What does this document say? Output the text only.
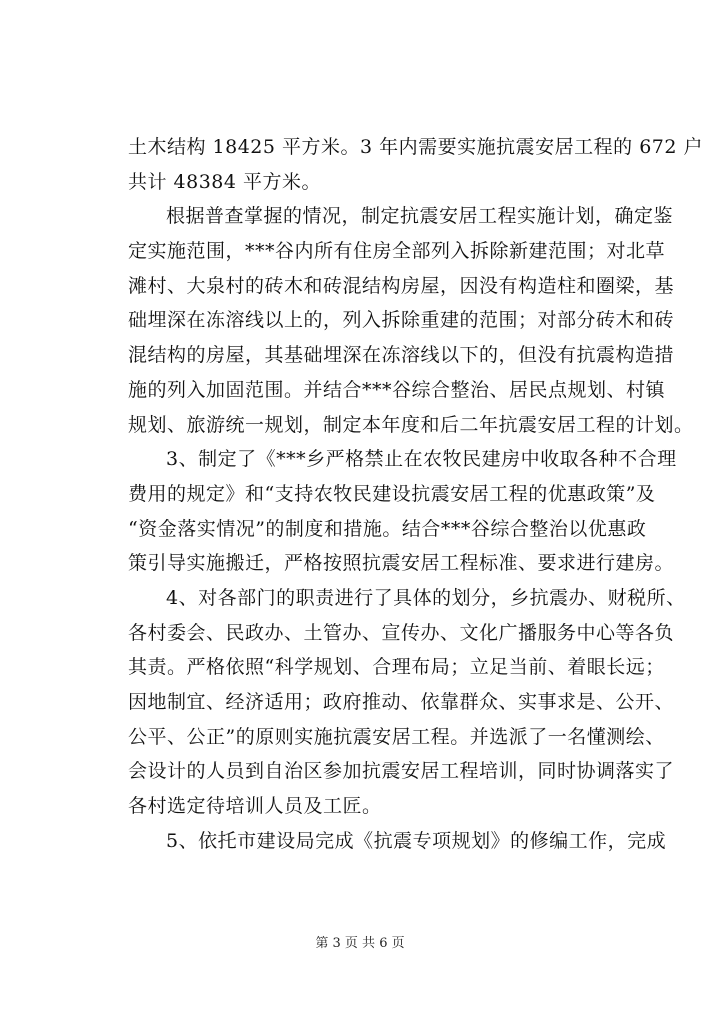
土木结构 18425 平方米。3 年内需要实施抗震安居工程的 672 户
共计 48384 平方米。
根据普查掌握的情况，制定抗震安居工程实施计划，确定鉴
定实施范围，***谷内所有住房全部列入拆除新建范围；对北草
滩村、大泉村的砖木和砖混结构房屋，因没有构造柱和圈梁，基
础埋深在冻溶线以上的，列入拆除重建的范围；对部分砖木和砖
混结构的房屋，其基础埋深在冻溶线以下的，但没有抗震构造措
施的列入加固范围。并结合***谷综合整治、居民点规划、村镇
规划、旅游统一规划，制定本年度和后二年抗震安居工程的计划。
3、制定了《***乡严格禁止在农牧民建房中收取各种不合理
费用的规定》和“支持农牧民建设抗震安居工程的优惠政策”及
“资金落实情况”的制度和措施。结合***谷综合整治以优惠政
策引导实施搬迁，严格按照抗震安居工程标准、要求进行建房。
4、对各部门的职责进行了具体的划分，乡抗震办、财税所、
各村委会、民政办、土管办、宣传办、文化广播服务中心等各负
其责。严格依照“科学规划、合理布局；立足当前、着眼长远；
因地制宜、经济适用；政府推动、依靠群众、实事求是、公开、
公平、公正”的原则实施抗震安居工程。并选派了一名懂测绘、
会设计的人员到自治区参加抗震安居工程培训，同时协调落实了
各村选定待培训人员及工匠。
5、依托市建设局完成《抗震专项规划》的修编工作，完成
第 3 页 共 6 页
